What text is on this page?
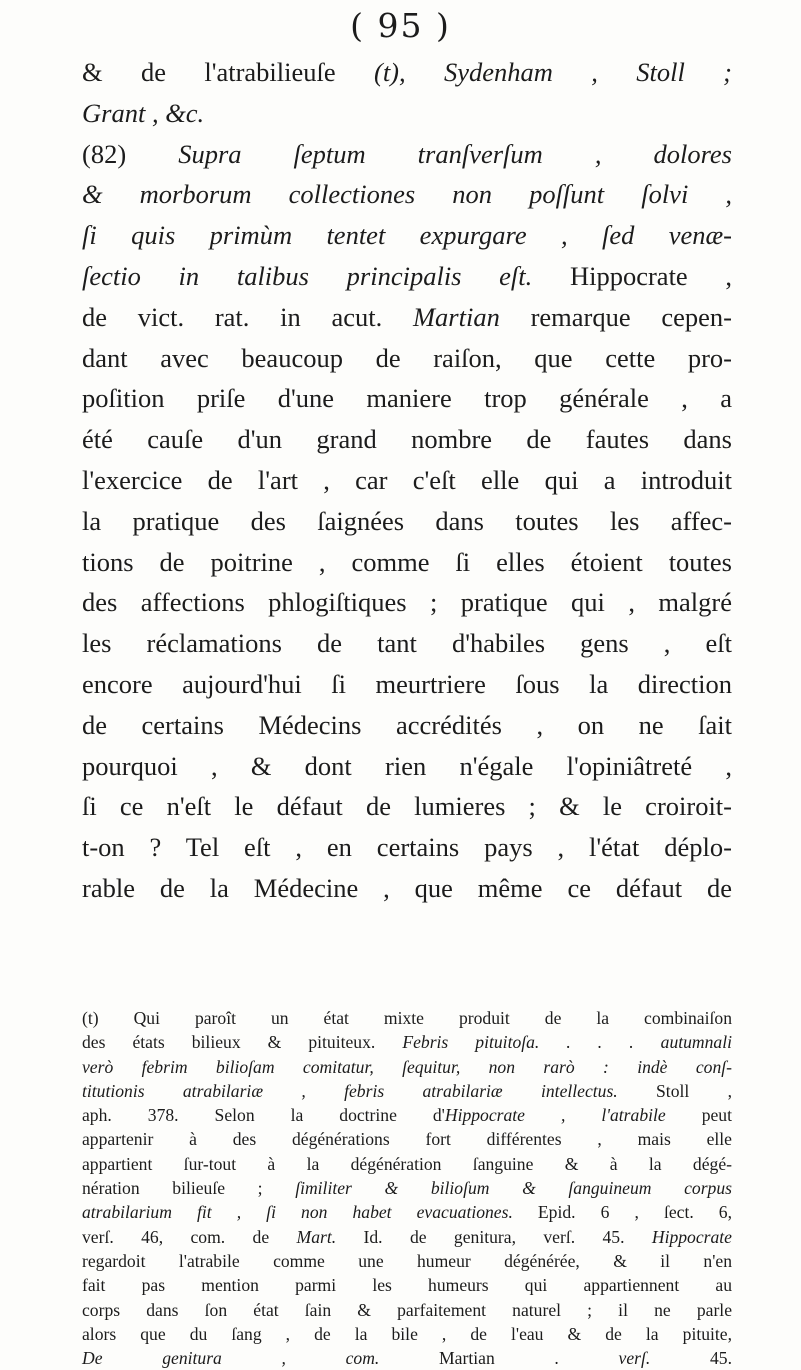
( 95 )
& de l'atrabilieuſe (t), Sydenham , Stoll ;
Grant , &c.
(82) Supra ſeptum tranſverſum , dolores
& morborum collectiones non poſſunt ſolvi ,
ſi quis primùm tentet expurgare , ſed venæ-
ſectio in talibus principalis eſt. Hippocrate ,
de vict. rat. in acut. Martian remarque cepen-
dant avec beaucoup de raiſon, que cette pro-
poſition priſe d'une maniere trop générale , a
été cauſe d'un grand nombre de fautes dans
l'exercice de l'art , car c'eſt elle qui a introduit
la pratique des ſaignées dans toutes les affec-
tions de poitrine , comme ſi elles étoient toutes
des affections phlogiſtiques ; pratique qui , malgré
les réclamations de tant d'habiles gens , eſt
encore aujourd'hui ſi meurtriere ſous la direction
de certains Médecins accrédités , on ne ſait
pourquoi , & dont rien n'égale l'opiniâtreté ,
ſi ce n'eſt le défaut de lumieres ; & le croiroit-
t-on ? Tel eſt , en certains pays , l'état déplo-
rable de la Médecine , que même ce défaut de
(t) Qui paroît un état mixte produit de la combinaiſon
des états bilieux & pituiteux. Febris pituitoſa. . . . autumnali
verò febrim bilioſam comitatur, ſequitur, non rarò : indè conſ-
titutionis atrabilariæ , febris atrabilariæ intellectus. Stoll ,
aph. 378. Selon la doctrine d'Hippocrate , l'atrabile peut
appartenir à des dégénérations fort différentes , mais elle
appartient ſur-tout à la dégénération ſanguine & à la dégé-
nération bilieuſe ; ſimiliter & bilioſum & ſanguineum corpus
atrabilarium fit , ſi non habet evacuationes. Epid. 6 , ſect. 6,
verſ. 46, com. de Mart. Id. de genitura, verſ. 45. Hippocrate
regardoit l'atrabile comme une humeur dégénérée, & il n'en
fait pas mention parmi les humeurs qui appartiennent au
corps dans ſon état ſain & parfaitement naturel ; il ne parle
alors que du ſang , de la bile , de l'eau & de la pituite,
De genitura , com. Martian . verſ. 45.
